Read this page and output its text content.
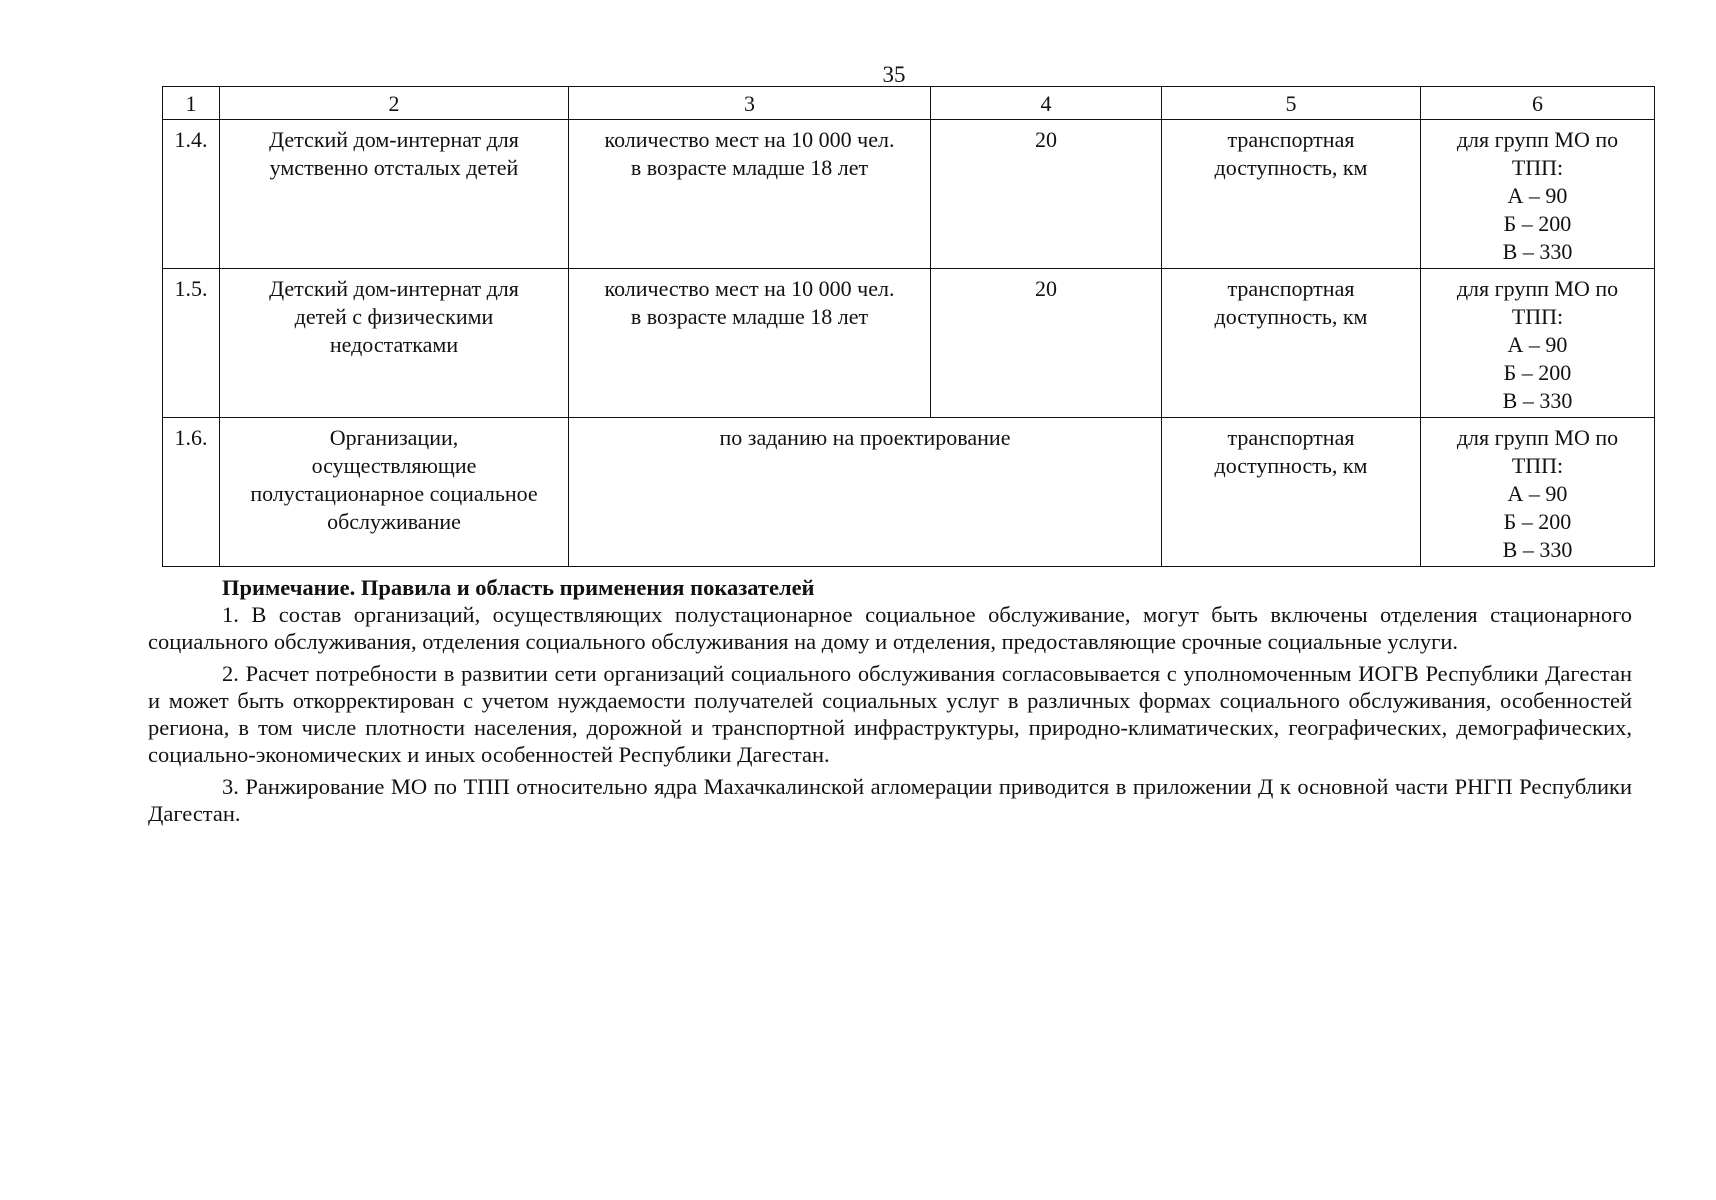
35
1	2	3	4	5	6
1.4.	Детский дом-интернат для
умственно отсталых детей	количество мест на 10 000 чел.
в возрасте младше 18 лет	20	транспортная
доступность, км	для групп МО по
ТПП:
А – 90
Б – 200
В – 330

1.5.	Детский дом-интернат для
детей с физическими
недостатками	количество мест на 10 000 чел.
в возрасте младше 18 лет	20	транспортная
доступность, км	для групп МО по
ТПП:
А – 90
Б – 200
В – 330

1.6.	Организации,
осуществляющие
полустационарное социальное
обслуживание	по заданию на проектирование		транспортная
доступность, км	для групп МО по
ТПП:
А – 90
Б – 200
В – 330
Примечание. Правила и область применения показателей

1. В состав организаций, осуществляющих полустационарное социальное обслуживание, могут быть включены отделения стационарного социального обслуживания, отделения социального обслуживания на дому и отделения, предоставляющие срочные социальные услуги.

2. Расчет потребности в развитии сети организаций социального обслуживания согласовывается с уполномоченным ИОГВ Республики Дагестан и может быть откорректирован с учетом нуждаемости получателей социальных услуг в различных формах социального обслуживания, особенностей региона, в том числе плотности населения, дорожной и транспортной инфраструктуры, природно-климатических, географических, демографических, социально-экономических и иных особенностей Республики Дагестан.

3. Ранжирование МО по ТПП относительно ядра Махачкалинской агломерации приводится в приложении Д к основной части РНГП Республики Дагестан.
